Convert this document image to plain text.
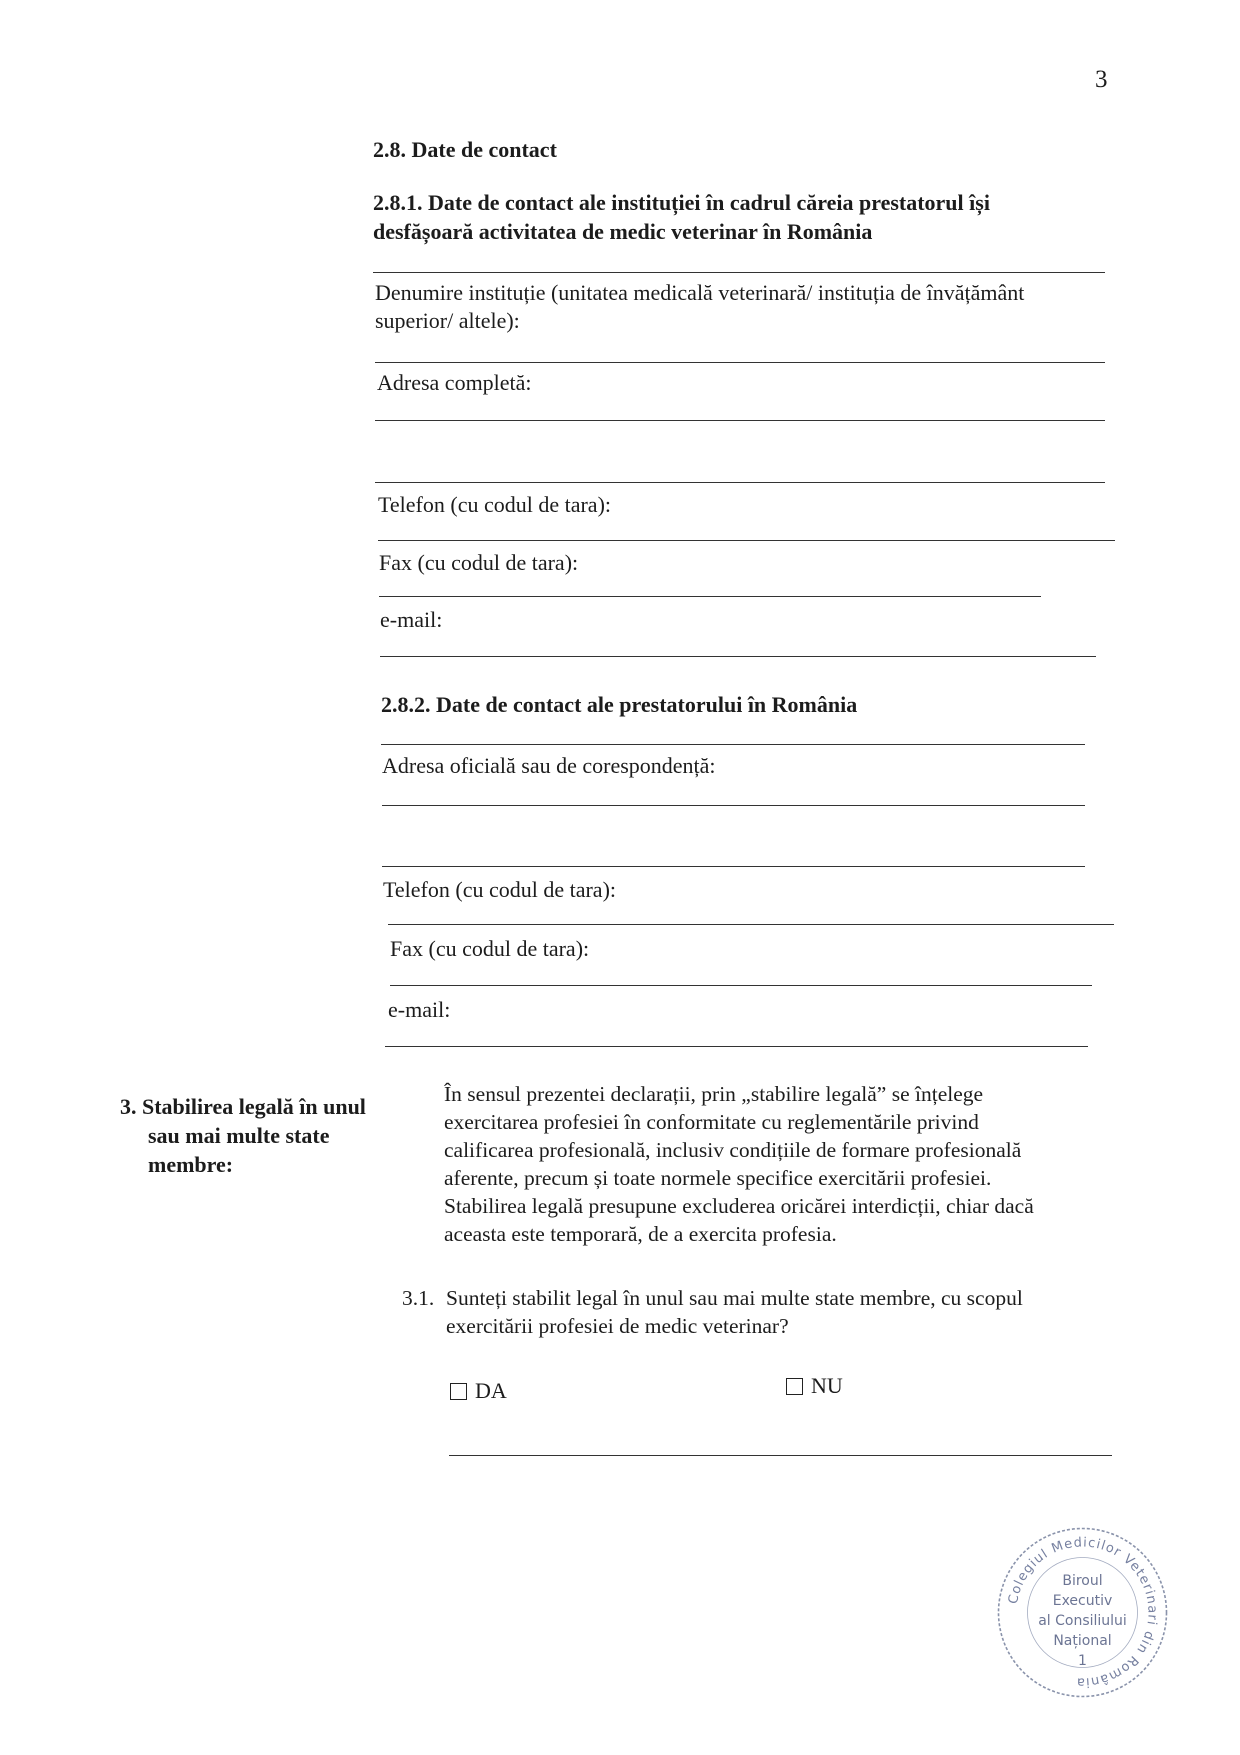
3
2.8. Date de contact
2.8.1. Date de contact ale instituției în cadrul căreia prestatorul își
desfășoară activitatea de medic veterinar în România
Denumire instituție (unitatea medicală veterinară/ instituția de învățământ
superior/ altele):
Adresa completă:
Telefon (cu codul de tara):
Fax (cu codul de tara):
e-mail:
2.8.2. Date de contact ale prestatorului în România
Adresa oficială sau de corespondență:
Telefon (cu codul de tara):
Fax (cu codul de tara):
e-mail:
3. Stabilirea legală în unul
sau mai multe state
membre:
În sensul prezentei declarații, prin „stabilire legală” se înțelege
exercitarea profesiei în conformitate cu reglementările privind
calificarea profesională, inclusiv condițiile de formare profesională
aferente, precum și toate normele specifice exercitării profesiei.
Stabilirea legală presupune excluderea oricărei interdicții, chiar dacă
aceasta este temporară, de a exercita profesia.
3.1. Sunteți stabilit legal în unul sau mai multe state membre, cu scopul
exercitării profesiei de medic veterinar?
DA	NU
Colegiul Medicilor Veterinari din România
Biroul
Executiv
al Consiliului
Național
1
